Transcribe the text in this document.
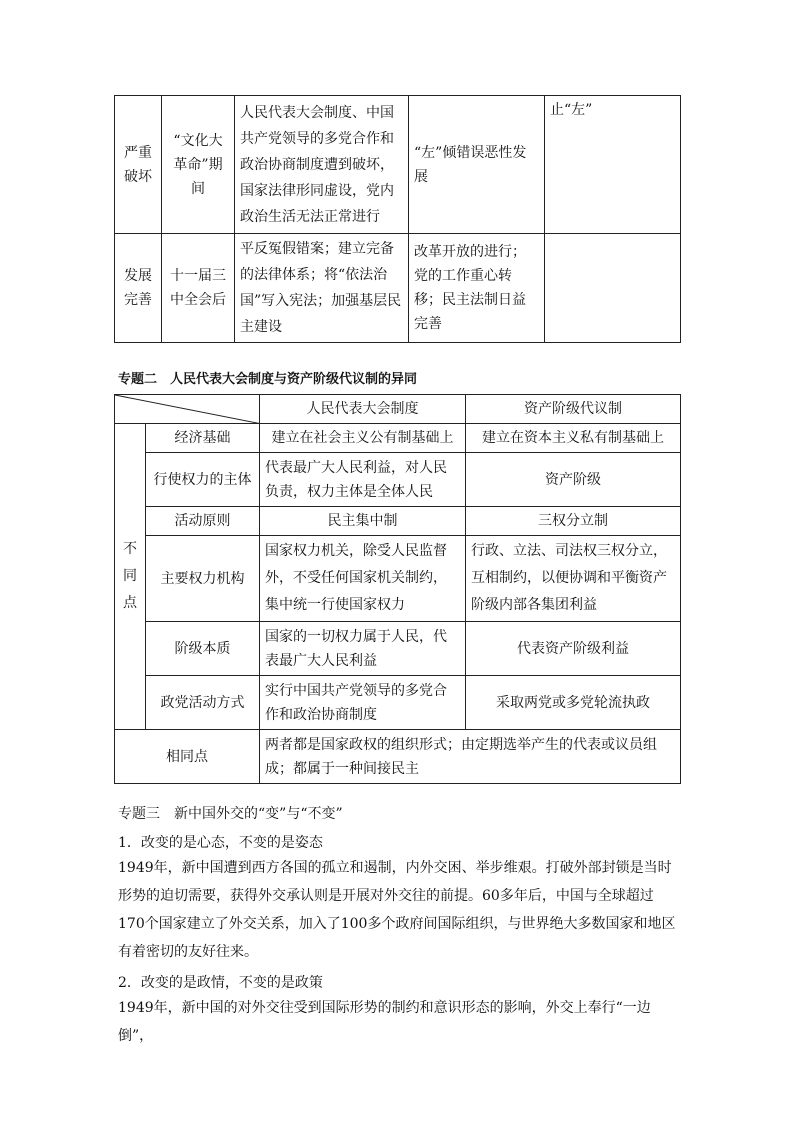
严重破坏	“文化大革命”期间	人民代表大会制度、中国共产党领导的多党合作和政治协商制度遭到破坏，国家法律形同虚设，党内政治生活无法正常进行	“左”倾错误恶性发展	止“左”
发展完善	十一届三中全会后	平反冤假错案；建立完备的法律体系；将“依法治国”写入宪法；加强基层民主建设	改革开放的进行；党的工作重心转移；民主法制日益完善	
专题二　人民代表大会制度与资产阶级代议制的异同
	人民代表大会制度	资产阶级代议制

不同点	经济基础	建立在社会主义公有制基础上	建立在资本主义私有制基础上
	行使权力的主体	代表最广大人民利益，对人民负责，权力主体是全体人民	资产阶级
	活动原则	民主集中制	三权分立制
	主要权力机构	国家权力机关，除受人民监督外，不受任何国家机关制约，集中统一行使国家权力	行政、立法、司法权三权分立，互相制约，以便协调和平衡资产阶级内部各集团利益
	阶级本质	国家的一切权力属于人民，代表最广大人民利益	代表资产阶级利益
	政党活动方式	实行中国共产党领导的多党合作和政治协商制度	采取两党或多党轮流执政
相同点		两者都是国家政权的组织形式；由定期选举产生的代表或议员组成；都属于一种间接民主	
专题三　新中国外交的“变”与“不变”
1．改变的是心态，不变的是姿态
1949年，新中国遭到西方各国的孤立和遏制，内外交困、举步维艰。打破外部封锁是当时形势的迫切需要，获得外交承认则是开展对外交往的前提。60多年后，中国与全球超过170个国家建立了外交关系，加入了100多个政府间国际组织，与世界绝大多数国家和地区有着密切的友好往来。
2．改变的是政情，不变的是政策
1949年，新中国的对外交往受到国际形势的制约和意识形态的影响，外交上奉行“一边倒”，
